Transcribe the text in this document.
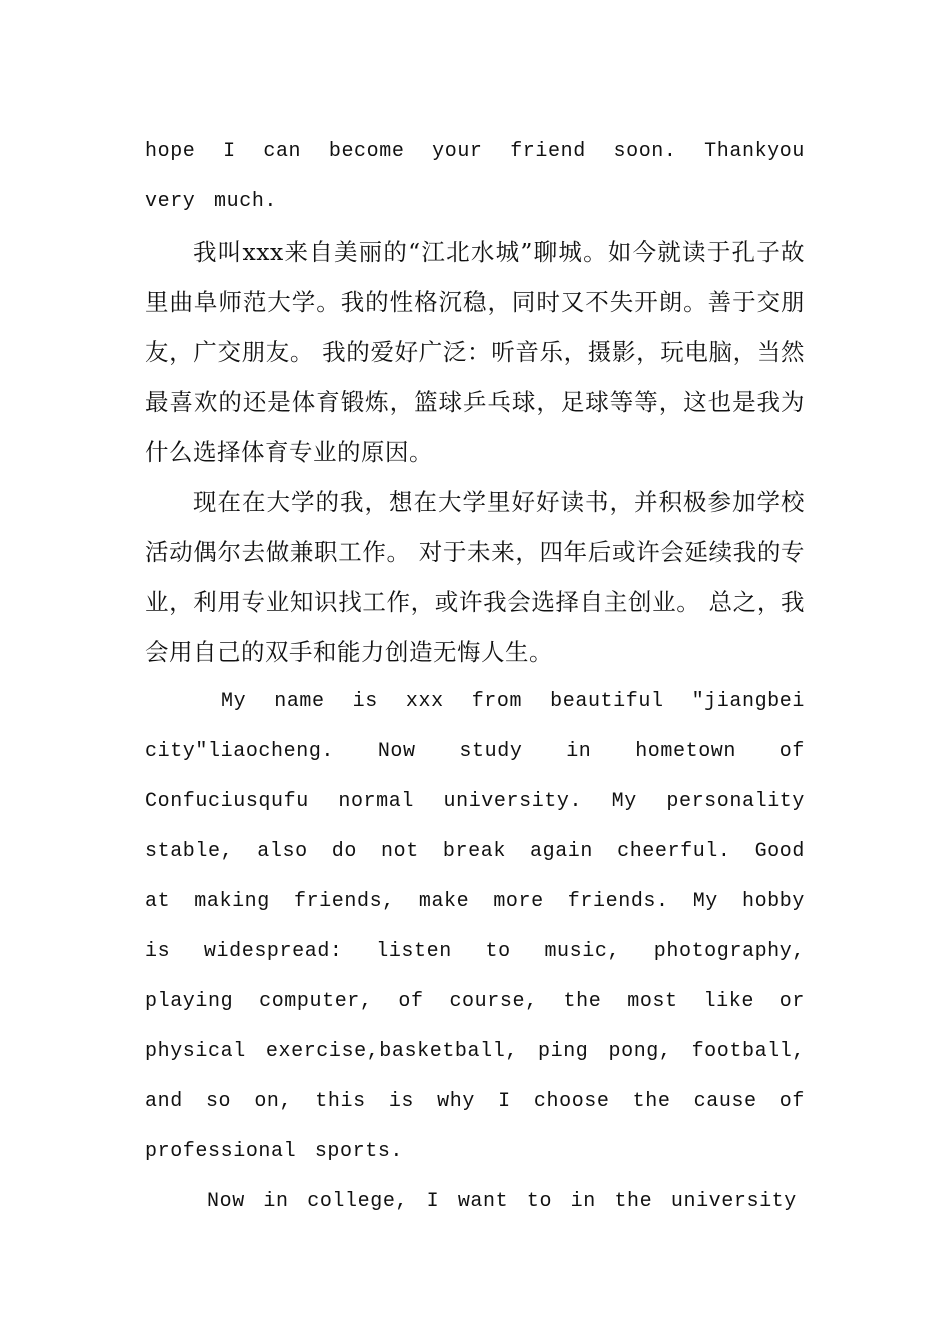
hope I can become your friend soon. Thankyou very much.

我叫xxx来自美丽的“江北水城”聊城。如今就读于孔子故里曲阜师范大学。我的性格沉稳，同时又不失开朗。善于交朋友，广交朋友。 我的爱好广泛：听音乐，摄影，玩电脑，当然最喜欢的还是体育锻炼，篮球乒乓球，足球等等，这也是我为什么选择体育专业的原因。

现在在大学的我，想在大学里好好读书，并积极参加学校活动偶尔去做兼职工作。 对于未来，四年后或许会延续我的专业，利用专业知识找工作，或许我会选择自主创业。 总之，我会用自己的双手和能力创造无悔人生。

My name is xxx from beautiful "jiangbei city"liaocheng. Now study in hometown of Confuciusqufu normal university. My personality stable, also do not break again cheerful. Good at making friends, make more friends. My hobby is widespread: listen to music, photography, playing computer, of course, the most like or physical exercise,basketball, ping pong, football, and so on, this is why I choose the cause of professional sports.

Now in college, I want to in the university
